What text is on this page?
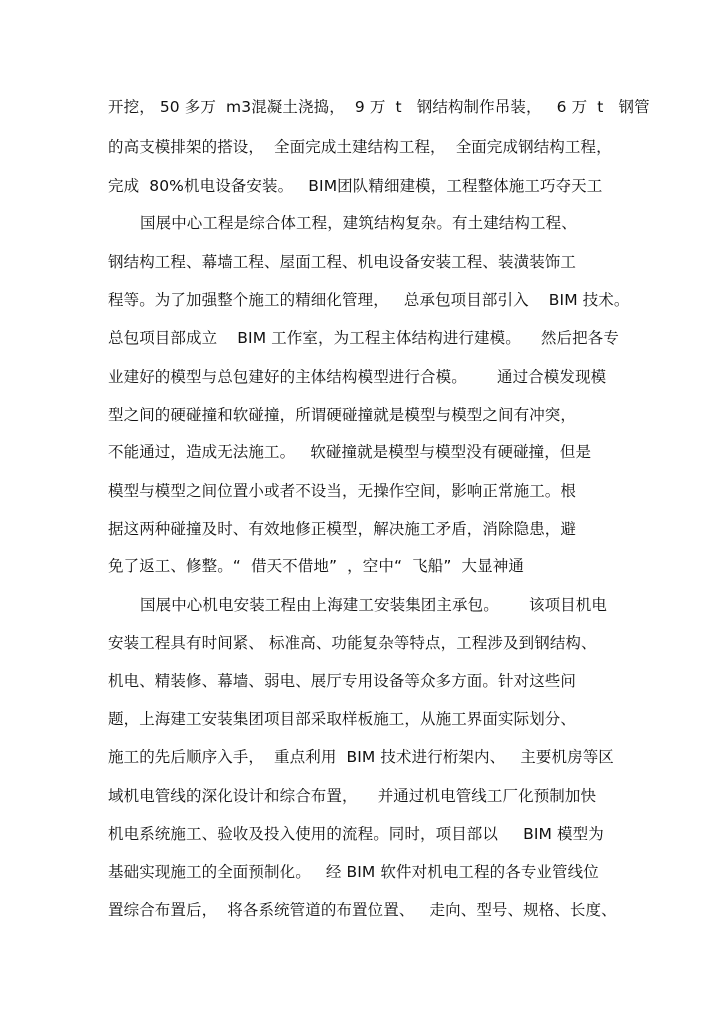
开挖， 50 多万  m3混凝土浇捣，  9 万  t   钢结构制作吊装，   6 万  t   钢管
的高支模排架的搭设，  全面完成土建结构工程，  全面完成钢结构工程，
完成  80%机电设备安装。   BIM团队精细建模，工程整体施工巧夺天工
国展中心工程是综合体工程，建筑结构复杂。有土建结构工程、
钢结构工程、幕墙工程、屋面工程、机电设备安装工程、装潢装饰工
程等。为了加强整个施工的精细化管理，   总承包项目部引入    BIM 技术。
总包项目部成立    BIM 工作室，为工程主体结构进行建模。    然后把各专
业建好的模型与总包建好的主体结构模型进行合模。      通过合模发现模
型之间的硬碰撞和软碰撞，所谓硬碰撞就是模型与模型之间有冲突，
不能通过，造成无法施工。   软碰撞就是模型与模型没有硬碰撞，但是
模型与模型之间位置小或者不设当，无操作空间，影响正常施工。根
据这两种碰撞及时、有效地修正模型，解决施工矛盾，消除隐患，避
免了返工、修整。“  借天不借地”  ，空中“  飞船”  大显神通
国展中心机电安装工程由上海建工安装集团主承包。      该项目机电
安装工程具有时间紧、 标准高、功能复杂等特点，工程涉及到钢结构、
机电、精装修、幕墙、弱电、展厅专用设备等众多方面。针对这些问
题，上海建工安装集团项目部采取样板施工，从施工界面实际划分、
施工的先后顺序入手，  重点利用  BIM 技术进行桁架内、   主要机房等区
域机电管线的深化设计和综合布置，    并通过机电管线工厂化预制加快
机电系统施工、验收及投入使用的流程。同时，项目部以     BIM 模型为
基础实现施工的全面预制化。   经 BIM 软件对机电工程的各专业管线位
置综合布置后，  将各系统管道的布置位置、   走向、型号、规格、长度、
